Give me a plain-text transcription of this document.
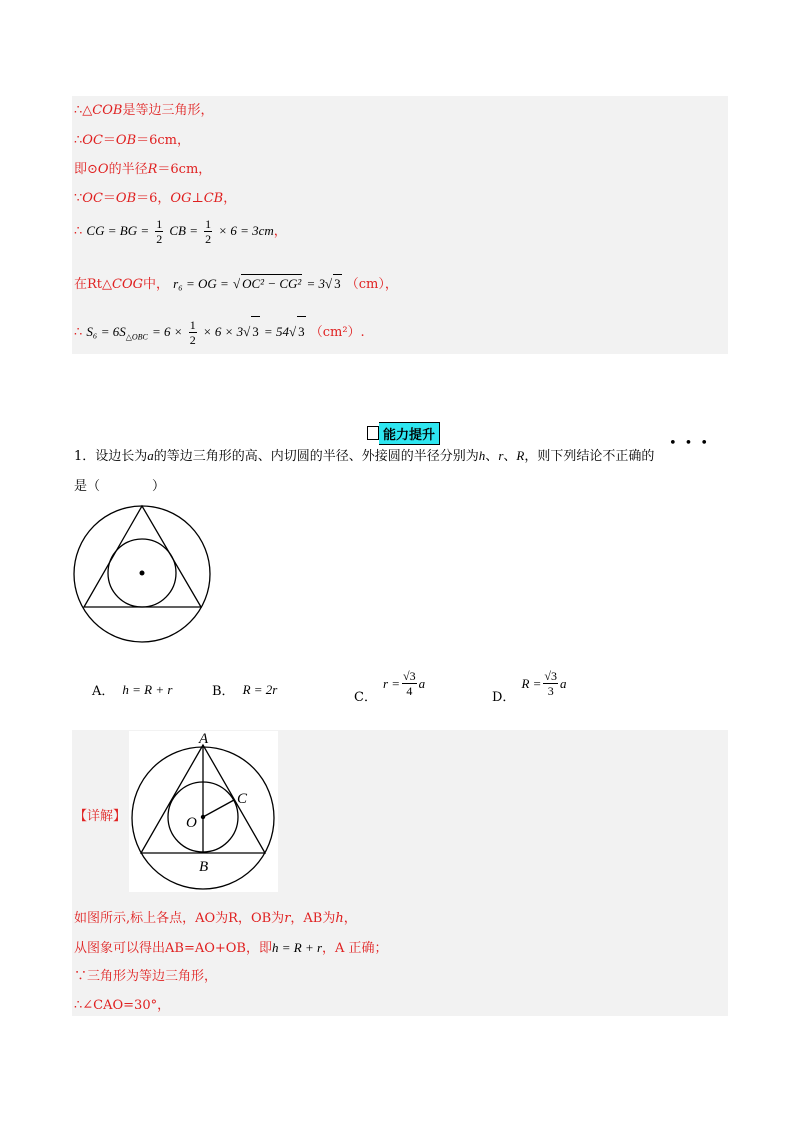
∴△COB是等边三角形，
∴OC＝OB＝6cm，
即⊙O的半径R＝6cm，
∵OC＝OB＝6，OG⊥CB，
∴ CG = BG = $\frac{1}{2}$ CB = $\frac{1}{2} \times 6 = 3cm$，
在Rt△COG中， r₆ = OG = √ OC² − CG² = 3√ 3 （cm），
∴ $S_6 = 6S_{\triangle OBC} = 6 \times \frac{1}{2} \times 6 \times 3√$ 3 = 54√ 3 （cm²）.
能力提升
•••
1．设边长为a的等边三角形的高、内切圆的半径、外接圆的半径分别为h、r、R，则下列结论不正确的
是（　　　　）
A． h = R + r	B． R = 2r
C．
$r = \frac{√3}{4}$ a
D．
$R = \frac{√3}{3}$ a
【详解】
A
B
C
O
如图所示,标上各点，AO为R，OB为r，AB为h，
从图象可以得出AB=AO+OB，即h = R + r，A 正确；
∵三角形为等边三角形，
∴∠CAO=30°，
